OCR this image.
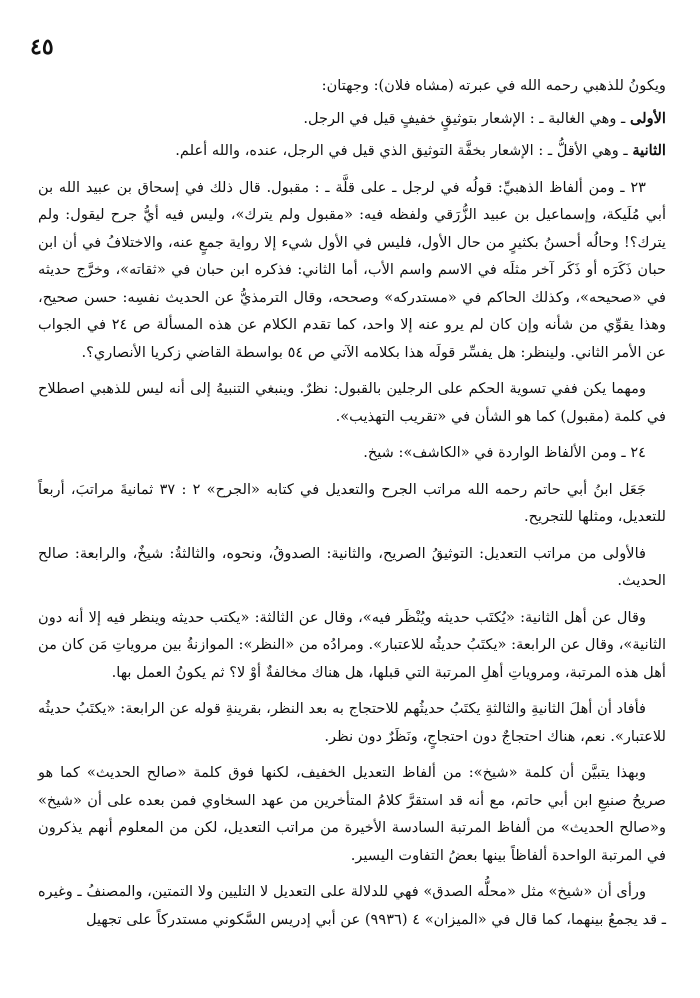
٤٥

ويكونُ للذهبي رحمه الله في عبرته (مشاه فلان): وجهتان:

الأولى ـ وهي الغالبة ـ : الإشعار بتوثيقٍ خفيفٍ قيل في الرجل.

الثانية ـ وهي الأقلُّ ـ : الإشعار بخفَّة التوثيق الذي قيل في الرجل، عنده، والله أعلم.

٢٣ ـ ومن ألفاظ الذهبيِّ: قولُه في لرجل ـ على قلَّة ـ : مقبول. قال ذلك في إسحاق بن عبيد الله بن أبي مُلَيكة، وإسماعيل بن عبيد الزُّرَقي ولفظه فيه: «مقبول ولم يترك»، وليس فيه أيُّ جرح ليقول: ولم يترك؟! وحالُه أحسنُ بكثيرٍ من حال الأول، فليس في الأول شيء إلا رواية جمعٍ عنه، والاختلافُ في أن ابن حبان ذَكَرَه أو ذَكَر آخر مثلَه في الاسم واسم الأب، أما الثاني: فذكره ابن حبان في «ثقاته»، وخرَّج حديثه في «صحيحه»، وكذلك الحاكم في «مستدركه» وصححه، وقال الترمذيُّ عن الحديث نفسِه: حسن صحيح، وهذا يقوِّي من شأنه وإن كان لم يرو عنه إلا واحد، كما تقدم الكلام عن هذه المسألة ص ٢٤ في الجواب عن الأمر الثاني. ولينظر: هل يفسِّر قولَه هذا بكلامه الآتي ص ٥٤ بواسطة القاضي زكريا الأنصاري؟.

ومهما يكن ففي تسوية الحكم على الرجلين بالقبول: نظرٌ. وينبغي التنبيهُ إلى أنه ليس للذهبي اصطلاح في كلمة (مقبول) كما هو الشأن في «تقريب التهذيب».

٢٤ ـ ومن الألفاظ الواردة في «الكاشف»: شيخ.

جَعَل ابنُ أبي حاتم رحمه الله مراتب الجرح والتعديل في كتابه «الجرح» ٢ : ٣٧ ثمانيةَ مراتبَ، أربعاً للتعديل، ومثلها للتجريح.

فالأولى من مراتب التعديل: التوثيقُ الصريح، والثانية: الصدوقُ، ونحوه، والثالثةُ: شيخٌ، والرابعة: صالح الحديث.

وقال عن أهل الثانية: «يُكتَب حديثه ويُنْظَر فيه»، وقال عن الثالثة: «يكتب حديثه وينظر فيه إلا أنه دون الثانية»، وقال عن الرابعة: «يكتَبُ حديثُه للاعتبار». ومرادُه من «النظر»: الموازنةُ بين مروياتِ مَن كان من أهل هذه المرتبة، ومروياتِ أهلِ المرتبة التي قبلها، هل هناك مخالفةٌ أوْ لا؟ ثم يكونُ العمل بها.

فأفاد أن أهلَ الثانيةِ والثالثةِ يكتَبُ حديثُهم للاحتجاج به بعد النظر، بقرينةِ قوله عن الرابعة: «يكتَبُ حديثُه للاعتبار». نعم، هناك احتجاجٌ دون احتجاجٍ، ونَظَرٌ دون نظر.

وبهذا يتبيَّن أن كلمة «شيخ»: من ألفاظ التعديل الخفيف، لكنها فوق كلمة «صالح الحديث» كما هو صريحُ صنيعِ ابن أبي حاتم، مع أنه قد استقرَّ كلامُ المتأخرين من عهد السخاوي فمن بعده على أن «شيخ» و«صالح الحديث» من ألفاظ المرتبة السادسة الأخيرة من مراتب التعديل، لكن من المعلوم أنهم يذكرون في المرتبة الواحدة ألفاظاً بينها بعضُ التفاوت اليسير.

ورأى أن «شيخ» مثل «محلُّه الصدق» فهي للدلالة على التعديل لا التليين ولا التمتين، والمصنفُ ـ وغيره ـ قد يجمعُ بينهما، كما قال في «الميزان» ٤ (٩٩٣٦) عن أبي إدريس السَّكوني مستدركاً على تجهيل
